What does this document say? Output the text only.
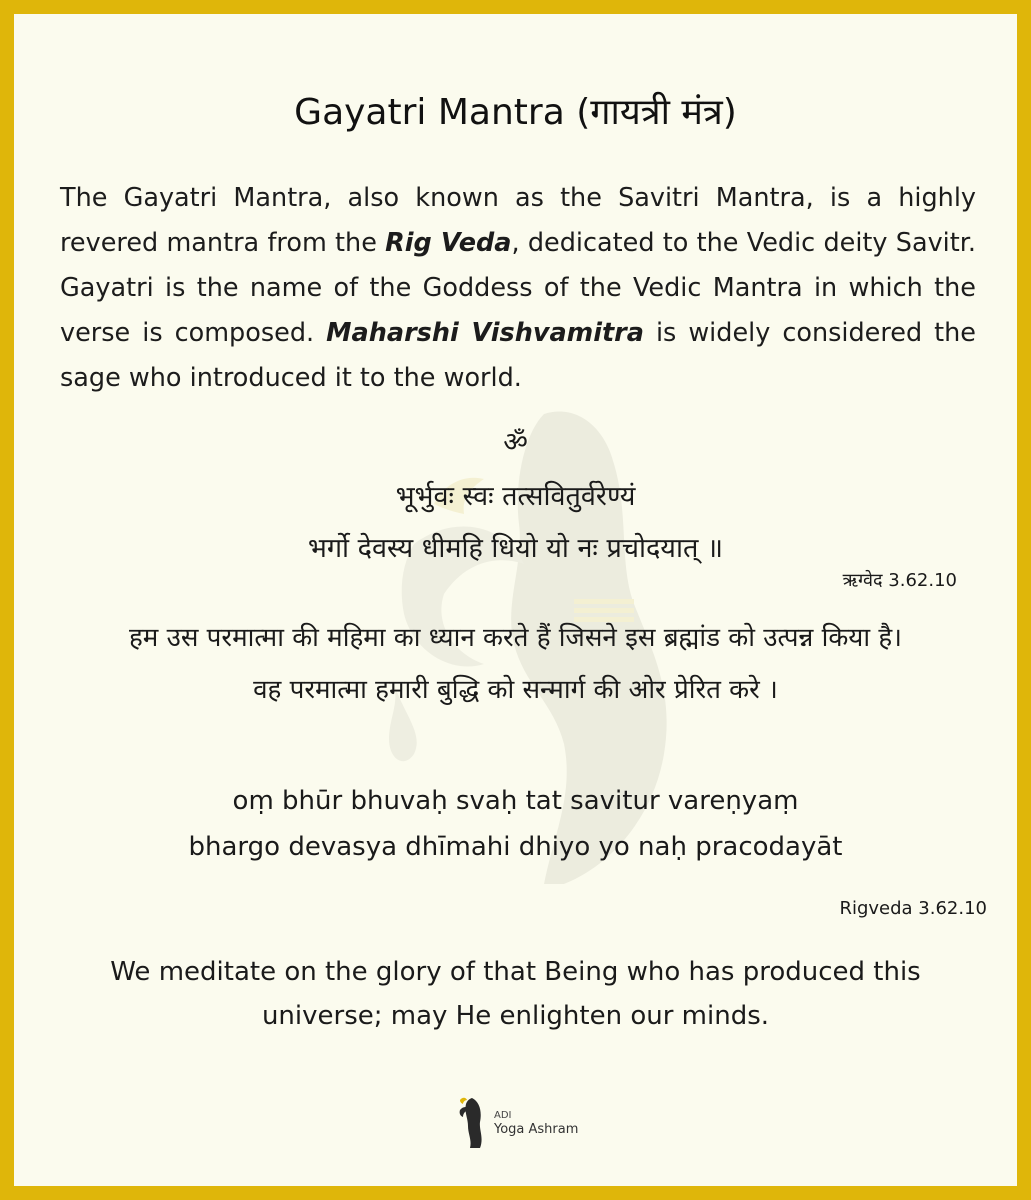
Gayatri Mantra (गायत्री मंत्र)

The Gayatri Mantra, also known as the Savitri Mantra, is a highly revered mantra from the Rig Veda, dedicated to the Vedic deity Savitr. Gayatri is the name of the Goddess of the Vedic Mantra in which the verse is composed. Maharshi Vishvamitra is widely considered the sage who introduced it to the world.

ॐ
भूर्भुवः स्वः तत्सवितुर्वरेण्यं
भर्गो देवस्य धीमहि धियो यो नः प्रचोदयात् ॥
ऋग्वेद 3.62.10
हम उस परमात्मा की महिमा का ध्यान करते हैं जिसने इस ब्रह्मांड को उत्पन्न किया है।
वह परमात्मा हमारी बुद्धि को सन्मार्ग की ओर प्रेरित करे ।
oṃ bhūr bhuvaḥ svaḥ tat savitur vareṇyaṃ
bhargo devasya dhīmahi dhiyo yo naḥ pracodayāt
Rigveda 3.62.10
We meditate on the glory of that Being who has produced this
universe; may He enlighten our minds.
ADI
Yoga Ashram
